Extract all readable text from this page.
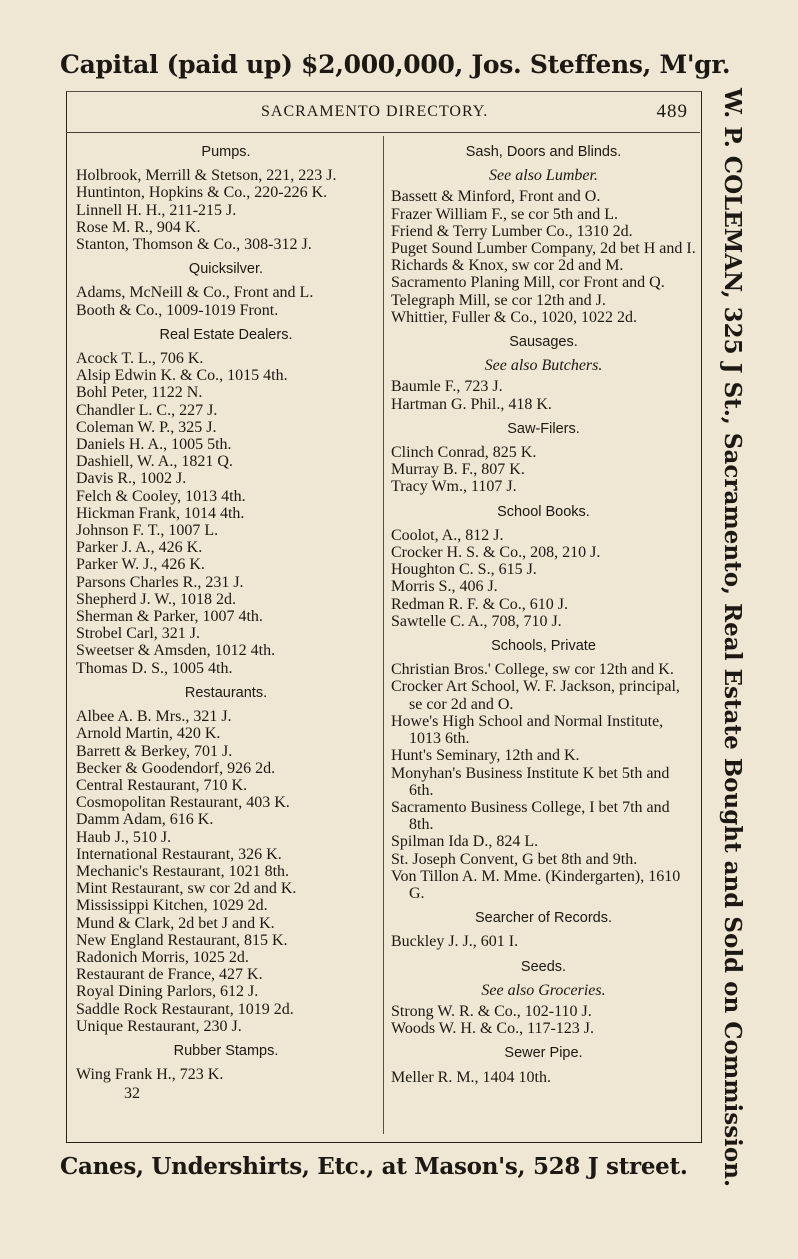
Capital (paid up) $2,000,000, Jos. Steffens, M'gr.
W. P. COLEMAN, 325 J St., Sacramento, Real Estate Bought and Sold on Commission.
SACRAMENTO DIRECTORY.	489
Pumps.
Holbrook, Merrill & Stetson, 221, 223 J.
Huntinton, Hopkins & Co., 220-226 K.
Linnell H. H., 211-215 J.
Rose M. R., 904 K.
Stanton, Thomson & Co., 308-312 J.
Quicksilver.
Adams, McNeill & Co., Front and L.
Booth & Co., 1009-1019 Front.
Real Estate Dealers.
Acock T. L., 706 K.
Alsip Edwin K. & Co., 1015 4th.
Bohl Peter, 1122 N.
Chandler L. C., 227 J.
Coleman W. P., 325 J.
Daniels H. A., 1005 5th.
Dashiell, W. A., 1821 Q.
Davis R., 1002 J.
Felch & Cooley, 1013 4th.
Hickman Frank, 1014 4th.
Johnson F. T., 1007 L.
Parker J. A., 426 K.
Parker W. J., 426 K.
Parsons Charles R., 231 J.
Shepherd J. W., 1018 2d.
Sherman & Parker, 1007 4th.
Strobel Carl, 321 J.
Sweetser & Amsden, 1012 4th.
Thomas D. S., 1005 4th.
Restaurants.
Albee A. B. Mrs., 321 J.
Arnold Martin, 420 K.
Barrett & Berkey, 701 J.
Becker & Goodendorf, 926 2d.
Central Restaurant, 710 K.
Cosmopolitan Restaurant, 403 K.
Damm Adam, 616 K.
Haub J., 510 J.
International Restaurant, 326 K.
Mechanic's Restaurant, 1021 8th.
Mint Restaurant, sw cor 2d and K.
Mississippi Kitchen, 1029 2d.
Mund & Clark, 2d bet J and K.
New England Restaurant, 815 K.
Radonich Morris, 1025 2d.
Restaurant de France, 427 K.
Royal Dining Parlors, 612 J.
Saddle Rock Restaurant, 1019 2d.
Unique Restaurant, 230 J.
Rubber Stamps.
Wing Frank H., 723 K.
32
Sash, Doors and Blinds.
See also Lumber.
Bassett & Minford, Front and O.
Frazer William F., se cor 5th and L.
Friend & Terry Lumber Co., 1310 2d.
Puget Sound Lumber Company, 2d bet H and I.
Richards & Knox, sw cor 2d and M.
Sacramento Planing Mill, cor Front and Q.
Telegraph Mill, se cor 12th and J.
Whittier, Fuller & Co., 1020, 1022 2d.
Sausages.
See also Butchers.
Baumle F., 723 J.
Hartman G. Phil., 418 K.
Saw-Filers.
Clinch Conrad, 825 K.
Murray B. F., 807 K.
Tracy Wm., 1107 J.
School Books.
Coolot, A., 812 J.
Crocker H. S. & Co., 208, 210 J.
Houghton C. S., 615 J.
Morris S., 406 J.
Redman R. F. & Co., 610 J.
Sawtelle C. A., 708, 710 J.
Schools, Private
Christian Bros.' College, sw cor 12th and K.
Crocker Art School, W. F. Jackson, principal, se cor 2d and O.
Howe's High School and Normal Institute, 1013 6th.
Hunt's Seminary, 12th and K.
Monyhan's Business Institute K bet 5th and 6th.
Sacramento Business College, I bet 7th and 8th.
Spilman Ida D., 824 L.
St. Joseph Convent, G bet 8th and 9th.
Von Tillon A. M. Mme. (Kindergarten), 1610 G.
Searcher of Records.
Buckley J. J., 601 I.
Seeds.
See also Groceries.
Strong W. R. & Co., 102-110 J.
Woods W. H. & Co., 117-123 J.
Sewer Pipe.
Meller R. M., 1404 10th.
Canes, Undershirts, Etc., at Mason's, 528 J street.
